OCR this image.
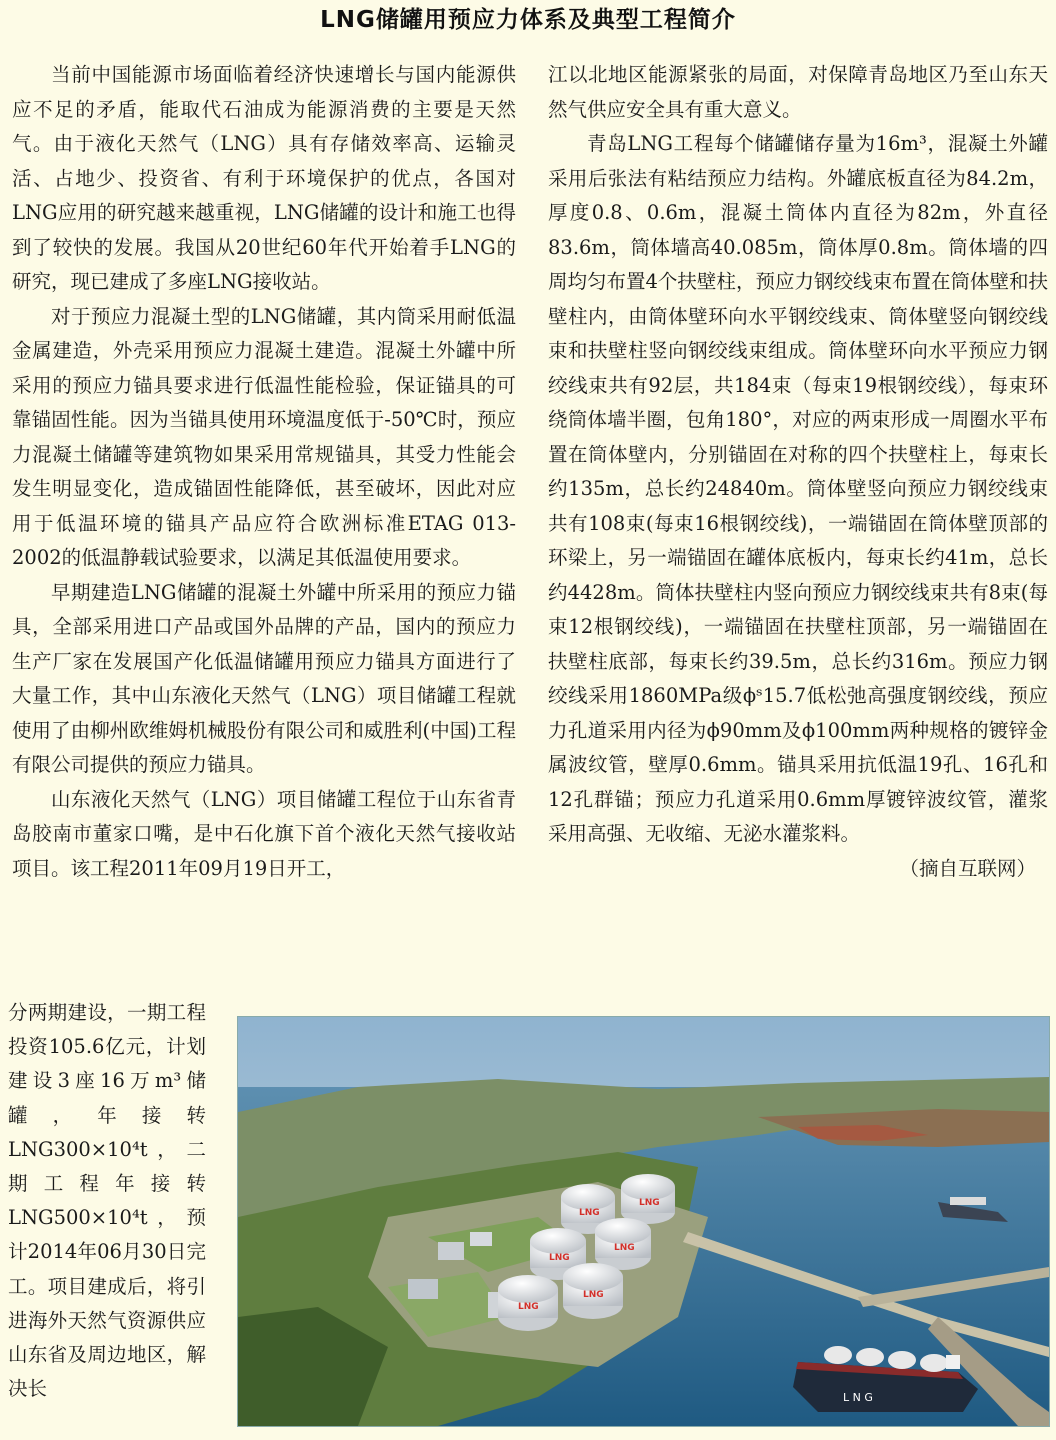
LNG储罐用预应力体系及典型工程简介

当前中国能源市场面临着经济快速增长与国内能源供应不足的矛盾，能取代石油成为能源消费的主要是天然气。由于液化天然气（LNG）具有存储效率高、运输灵活、占地少、投资省、有利于环境保护的优点，各国对LNG应用的研究越来越重视，LNG储罐的设计和施工也得到了较快的发展。我国从20世纪60年代开始着手LNG的研究，现已建成了多座LNG接收站。

对于预应力混凝土型的LNG储罐，其内筒采用耐低温金属建造，外壳采用预应力混凝土建造。混凝土外罐中所采用的预应力锚具要求进行低温性能检验，保证锚具的可靠锚固性能。因为当锚具使用环境温度低于-50℃时，预应力混凝土储罐等建筑物如果采用常规锚具，其受力性能会发生明显变化，造成锚固性能降低，甚至破坏，因此对应用于低温环境的锚具产品应符合欧洲标准ETAG 013-2002的低温静载试验要求，以满足其低温使用要求。

早期建造LNG储罐的混凝土外罐中所采用的预应力锚具，全部采用进口产品或国外品牌的产品，国内的预应力生产厂家在发展国产化低温储罐用预应力锚具方面进行了大量工作，其中山东液化天然气（LNG）项目储罐工程就使用了由柳州欧维姆机械股份有限公司和威胜利(中国)工程有限公司提供的预应力锚具。

山东液化天然气（LNG）项目储罐工程位于山东省青岛胶南市董家口嘴，是中石化旗下首个液化天然气接收站项目。该工程2011年09月19日开工，

分两期建设，一期工程投资105.6亿元，计划建设3座16万m³储罐，年接转LNG300×10⁴t，二期工程年接转LNG500×10⁴t，预计2014年06月30日完工。项目建成后，将引进海外天然气资源供应山东省及周边地区，解决长

江以北地区能源紧张的局面，对保障青岛地区乃至山东天然气供应安全具有重大意义。

青岛LNG工程每个储罐储存量为16m³，混凝土外罐采用后张法有粘结预应力结构。外罐底板直径为84.2m，厚度0.8、0.6m，混凝土筒体内直径为82m，外直径83.6m，筒体墙高40.085m，筒体厚0.8m。筒体墙的四周均匀布置4个扶壁柱，预应力钢绞线束布置在筒体壁和扶壁柱内，由筒体壁环向水平钢绞线束、筒体壁竖向钢绞线束和扶壁柱竖向钢绞线束组成。筒体壁环向水平预应力钢绞线束共有92层，共184束（每束19根钢绞线），每束环绕筒体墙半圈，包角180°，对应的两束形成一周圈水平布置在筒体壁内，分别锚固在对称的四个扶壁柱上，每束长约135m，总长约24840m。筒体壁竖向预应力钢绞线束共有108束(每束16根钢绞线)，一端锚固在筒体壁顶部的环梁上，另一端锚固在罐体底板内，每束长约41m，总长约4428m。筒体扶壁柱内竖向预应力钢绞线束共有8束(每束12根钢绞线)，一端锚固在扶壁柱顶部，另一端锚固在扶壁柱底部，每束长约39.5m，总长约316m。预应力钢绞线采用1860MPa级ϕˢ15.7低松弛高强度钢绞线，预应力孔道采用内径为ϕ90mm及ϕ100mm两种规格的镀锌金属波纹管，壁厚0.6mm。锚具采用抗低温19孔、16孔和12孔群锚；预应力孔道采用0.6mm厚镀锌波纹管，灌浆采用高强、无收缩、无泌水灌浆料。

（摘自互联网）

LNG
LNG
LNG
LNG
LNG
LNG
L N G
